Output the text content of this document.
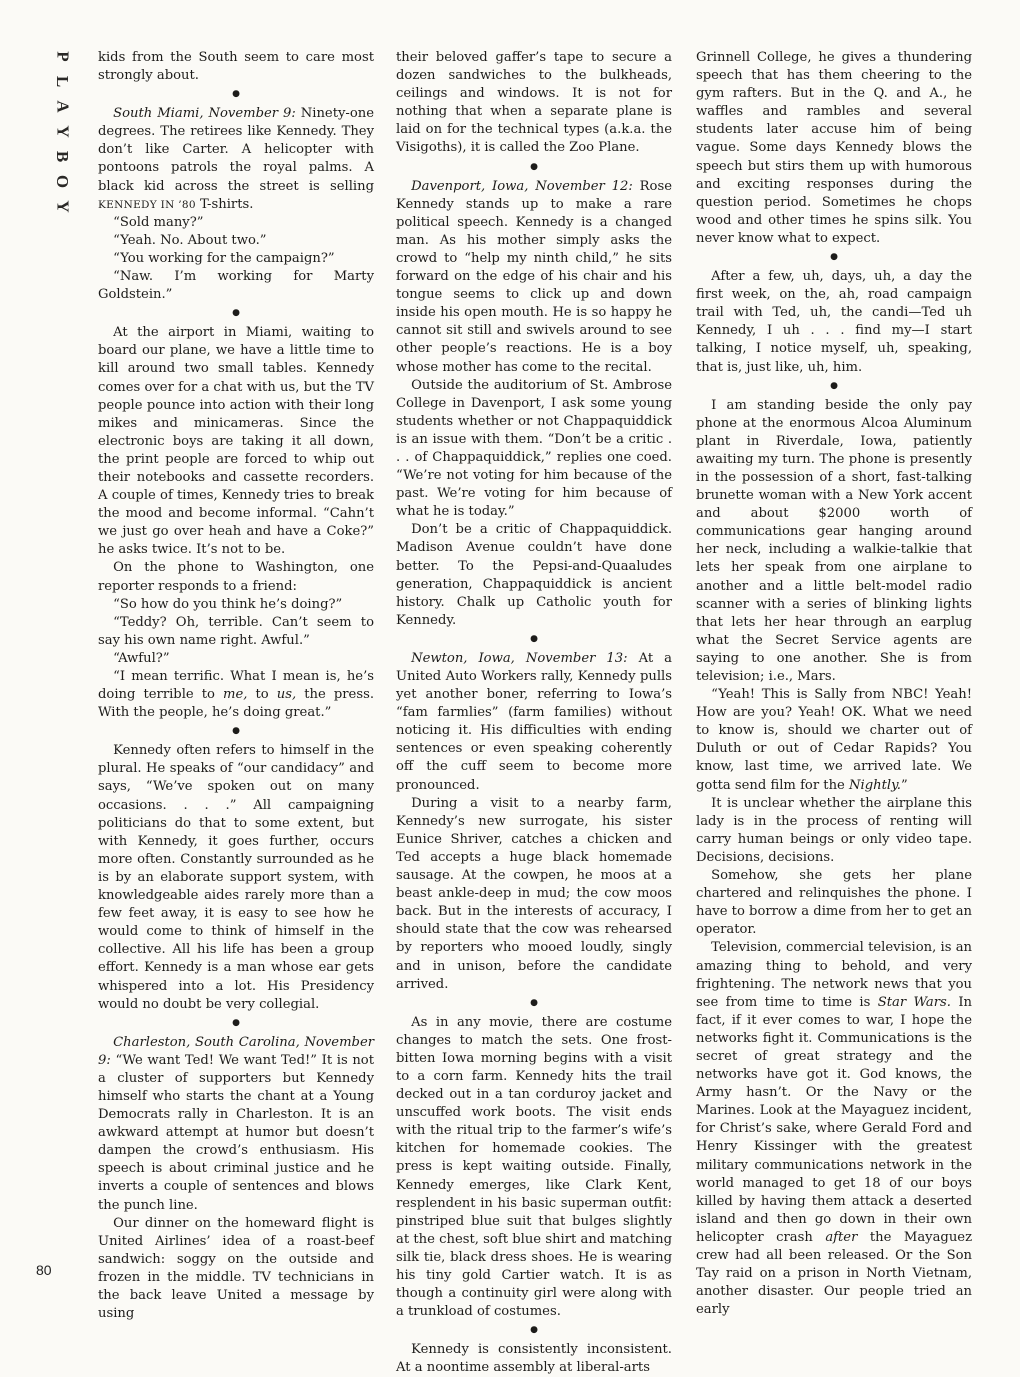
P
L
A
Y
B
O
Y
80

kids from the South seem to care most strongly about.

●

South Miami, November 9: Ninety-one degrees. The retirees like Kennedy. They don’t like Carter. A helicopter with pontoons patrols the royal palms. A black kid across the street is selling KENNEDY IN ’80 T-shirts.

“Sold many?”

“Yeah. No. About two.”

“You working for the campaign?”

“Naw. I’m working for Marty Goldstein.”

●

At the airport in Miami, waiting to board our plane, we have a little time to kill around two small tables. Kennedy comes over for a chat with us, but the TV people pounce into action with their long mikes and minicameras. Since the electronic boys are taking it all down, the print people are forced to whip out their notebooks and cassette recorders. A couple of times, Kennedy tries to break the mood and become informal. “Cahn’t we just go over heah and have a Coke?” he asks twice. It’s not to be.

On the phone to Washington, one reporter responds to a friend:

“So how do you think he’s doing?”

“Teddy? Oh, terrible. Can’t seem to say his own name right. Awful.”

“Awful?”

“I mean terrific. What I mean is, he’s doing terrible to me, to us, the press. With the people, he’s doing great.”

●

Kennedy often refers to himself in the plural. He speaks of “our candidacy” and says, “We’ve spoken out on many occasions. . . .” All campaigning politicians do that to some extent, but with Kennedy, it goes further, occurs more often. Constantly surrounded as he is by an elaborate support system, with knowledgeable aides rarely more than a few feet away, it is easy to see how he would come to think of himself in the collective. All his life has been a group effort. Kennedy is a man whose ear gets whispered into a lot. His Presidency would no doubt be very collegial.

●

Charleston, South Carolina, November 9: “We want Ted! We want Ted!” It is not a cluster of supporters but Kennedy himself who starts the chant at a Young Democrats rally in Charleston. It is an awkward attempt at humor but doesn’t dampen the crowd’s enthusiasm. His speech is about criminal justice and he inverts a couple of sentences and blows the punch line.

Our dinner on the homeward flight is United Airlines’ idea of a roast-beef sandwich: soggy on the outside and frozen in the middle. TV technicians in the back leave United a message by using

their beloved gaffer’s tape to secure a dozen sandwiches to the bulkheads, ceilings and windows. It is not for nothing that when a separate plane is laid on for the technical types (a.k.a. the Visigoths), it is called the Zoo Plane.

●

Davenport, Iowa, November 12: Rose Kennedy stands up to make a rare political speech. Kennedy is a changed man. As his mother simply asks the crowd to “help my ninth child,” he sits forward on the edge of his chair and his tongue seems to click up and down inside his open mouth. He is so happy he cannot sit still and swivels around to see other people’s reactions. He is a boy whose mother has come to the recital.

Outside the auditorium of St. Ambrose College in Davenport, I ask some young students whether or not Chappaquiddick is an issue with them. “Don’t be a critic . . . of Chappaquiddick,” replies one coed. “We’re not voting for him because of the past. We’re voting for him because of what he is today.”

Don’t be a critic of Chappaquiddick. Madison Avenue couldn’t have done better. To the Pepsi-and-Quaaludes generation, Chappaquiddick is ancient history. Chalk up Catholic youth for Kennedy.

●

Newton, Iowa, November 13: At a United Auto Workers rally, Kennedy pulls yet another boner, referring to Iowa’s “fam farmlies” (farm families) without noticing it. His difficulties with ending sentences or even speaking coherently off the cuff seem to become more pronounced.

During a visit to a nearby farm, Kennedy’s new surrogate, his sister Eunice Shriver, catches a chicken and Ted accepts a huge black homemade sausage. At the cowpen, he moos at a beast ankle-deep in mud; the cow moos back. But in the interests of accuracy, I should state that the cow was rehearsed by reporters who mooed loudly, singly and in unison, before the candidate arrived.

●

As in any movie, there are costume changes to match the sets. One frost-bitten Iowa morning begins with a visit to a corn farm. Kennedy hits the trail decked out in a tan corduroy jacket and unscuffed work boots. The visit ends with the ritual trip to the farmer’s wife’s kitchen for homemade cookies. The press is kept waiting outside. Finally, Kennedy emerges, like Clark Kent, resplendent in his basic superman outfit: pinstriped blue suit that bulges slightly at the chest, soft blue shirt and matching silk tie, black dress shoes. He is wearing his tiny gold Cartier watch. It is as though a continuity girl were along with a trunkload of costumes.

●

Kennedy is consistently inconsistent. At a noontime assembly at liberal-arts

Grinnell College, he gives a thundering speech that has them cheering to the gym rafters. But in the Q. and A., he waffles and rambles and several students later accuse him of being vague. Some days Kennedy blows the speech but stirs them up with humorous and exciting responses during the question period. Sometimes he chops wood and other times he spins silk. You never know what to expect.

●

After a few, uh, days, uh, a day the first week, on the, ah, road campaign trail with Ted, uh, the candi—Ted uh Kennedy, I uh . . . find my—I start talking, I notice myself, uh, speaking, that is, just like, uh, him.

●

I am standing beside the only pay phone at the enormous Alcoa Aluminum plant in Riverdale, Iowa, patiently awaiting my turn. The phone is presently in the possession of a short, fast-talking brunette woman with a New York accent and about $2000 worth of communications gear hanging around her neck, including a walkie-talkie that lets her speak from one airplane to another and a little belt-model radio scanner with a series of blinking lights that lets her hear through an earplug what the Secret Service agents are saying to one another. She is from television; i.e., Mars.

“Yeah! This is Sally from NBC! Yeah! How are you? Yeah! OK. What we need to know is, should we charter out of Duluth or out of Cedar Rapids? You know, last time, we arrived late. We gotta send film for the Nightly.”

It is unclear whether the airplane this lady is in the process of renting will carry human beings or only video tape. Decisions, decisions.

Somehow, she gets her plane chartered and relinquishes the phone. I have to borrow a dime from her to get an operator.

Television, commercial television, is an amazing thing to behold, and very frightening. The network news that you see from time to time is Star Wars. In fact, if it ever comes to war, I hope the networks fight it. Communications is the secret of great strategy and the networks have got it. God knows, the Army hasn’t. Or the Navy or the Marines. Look at the Mayaguez incident, for Christ’s sake, where Gerald Ford and Henry Kissinger with the greatest military communications network in the world managed to get 18 of our boys killed by having them attack a deserted island and then go down in their own helicopter crash after the Mayaguez crew had all been released. Or the Son Tay raid on a prison in North Vietnam, another disaster. Our people tried an early
